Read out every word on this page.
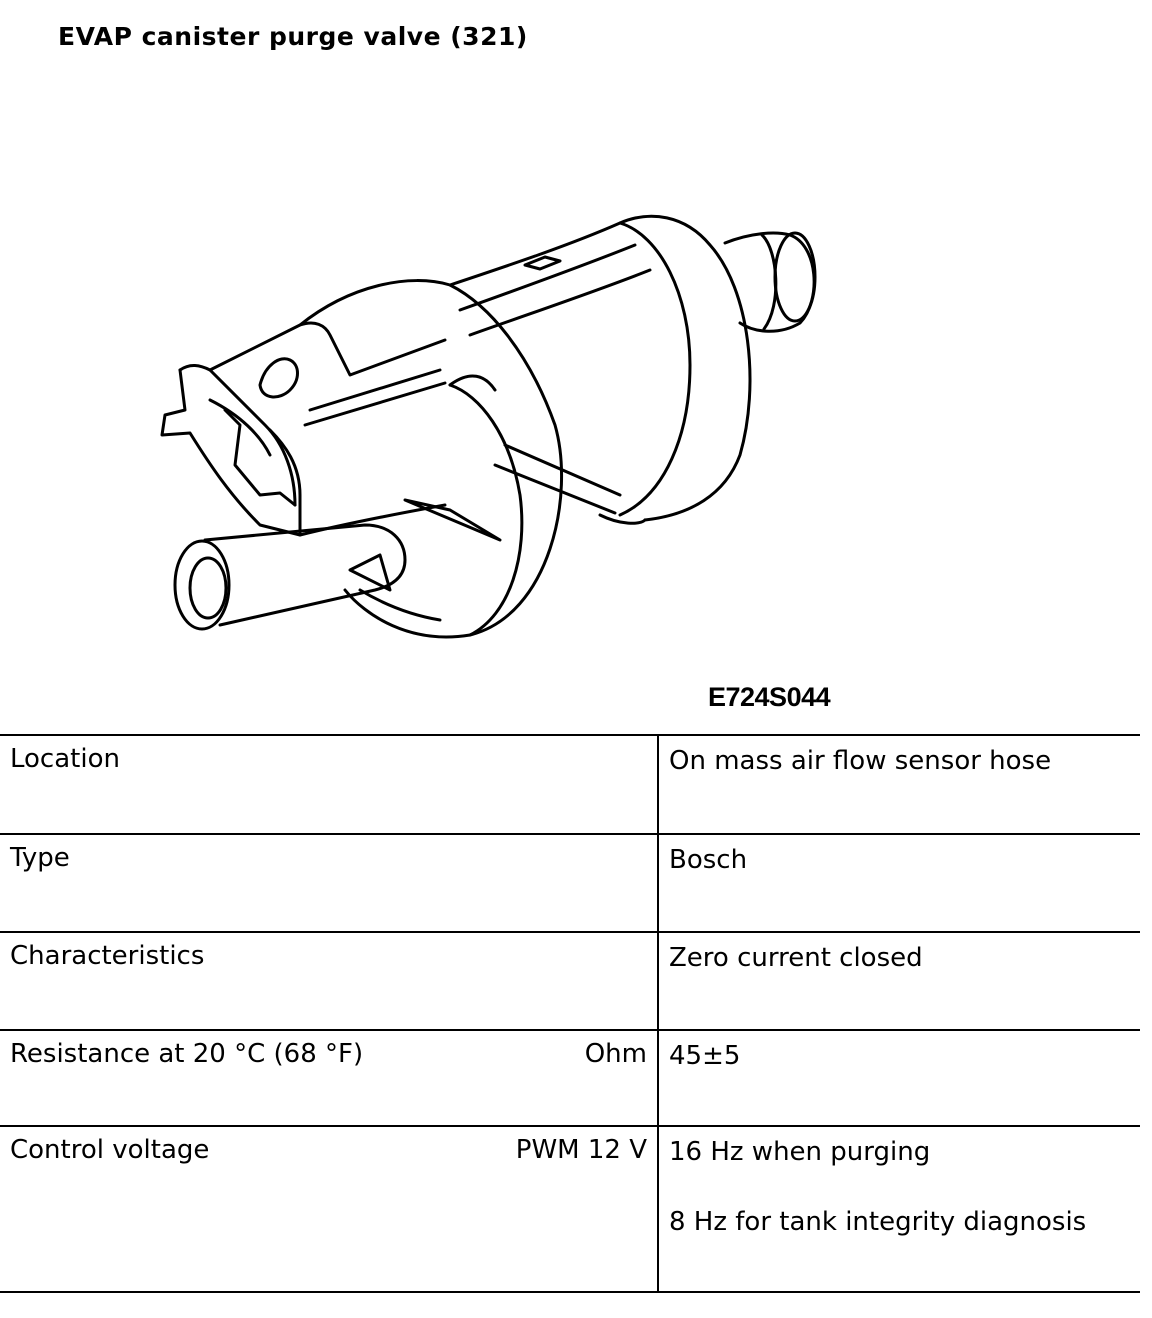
EVAP canister purge valve (321)
E724S044
Location	On mass air flow sensor hose

Type	Bosch

Characteristics	Zero current closed

Resistance at 20 °C (68 °F) Ohm	45±5

Control voltage PWM 12 V	16 Hz when purging
8 Hz for tank integrity diagnosis
